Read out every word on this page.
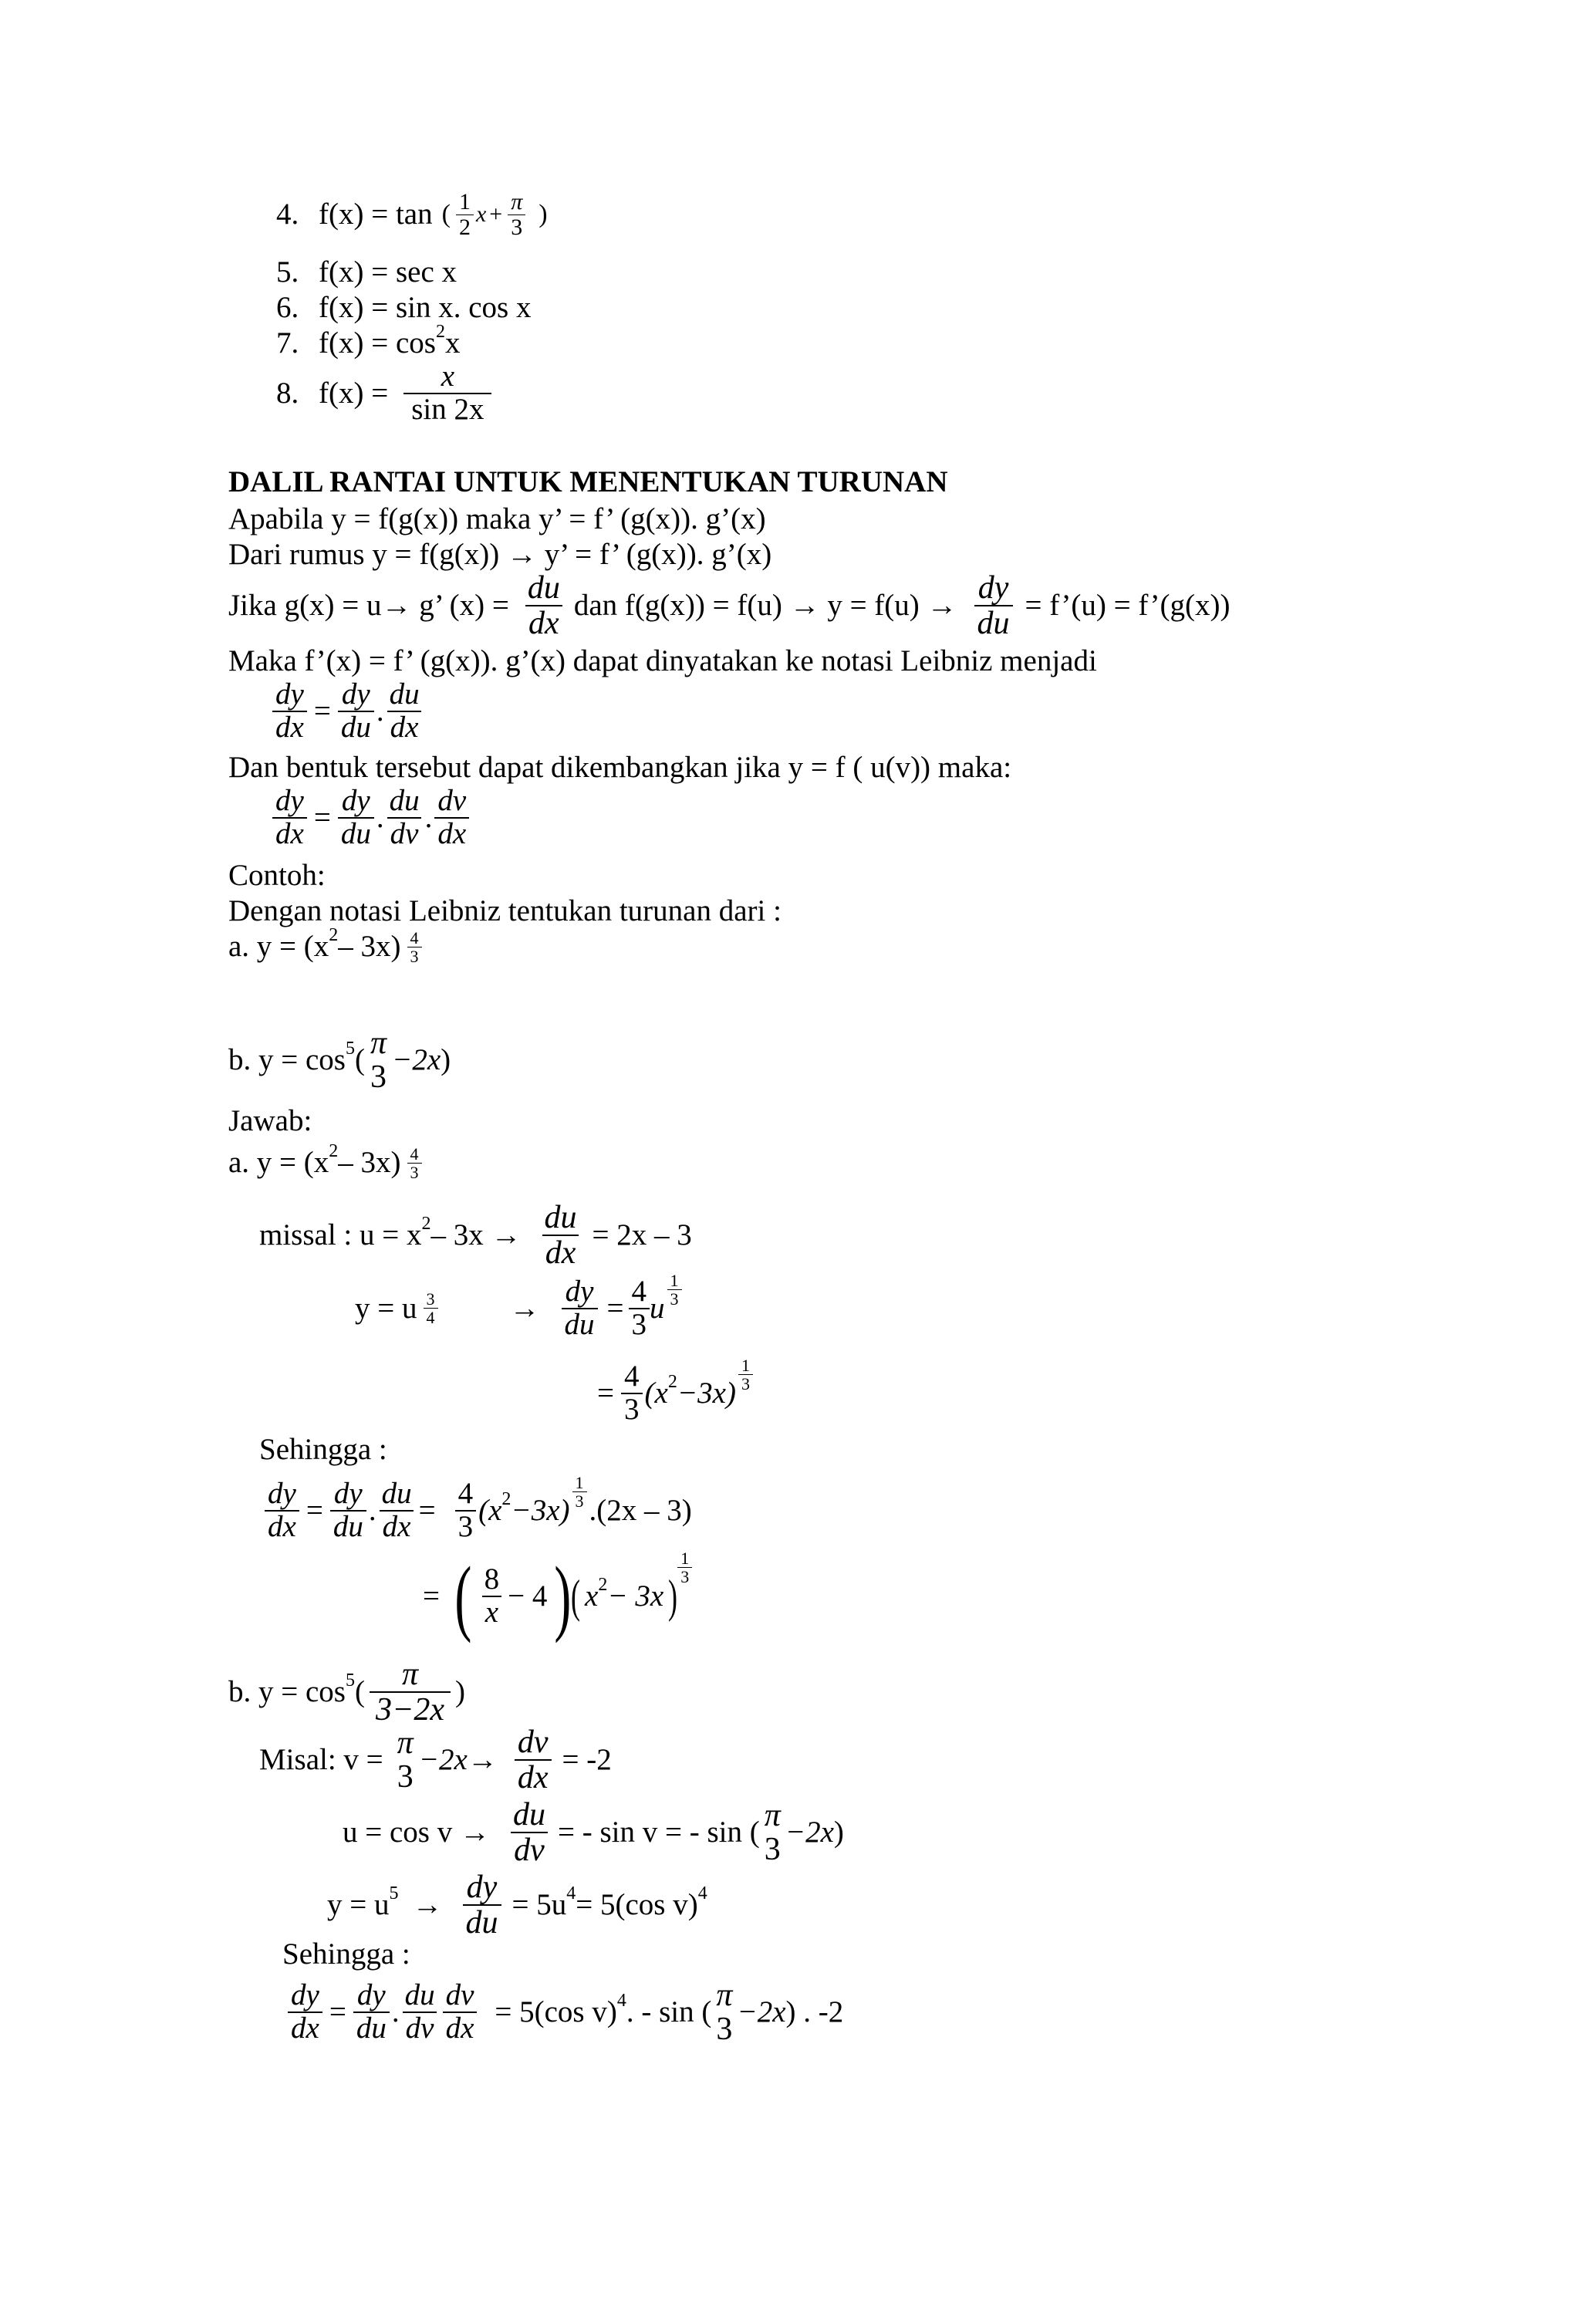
4. f(x) = tan ( 1
2 $x + \frac{\pi}{3}$ )
5. f(x) = sec x
6. f(x) = sin x. cos x
7. f(x) = cos 2 x
8. $f(x) = \frac{x}{\sin 2x}$
DALIL RANTAI UNTUK MENENTUKAN TURUNAN
Apabila y = f(g(x)) maka y’ = f’ (g(x)). g’(x)
Dari rumus y = f(g(x)) → y’ = f’ (g(x)). g’(x)
Jika g(x) = u→ g’ $(x) = \frac{du}{dx}$ dan $f(g(x)) = f(u) \to y = f(u) \to \frac{dy}{du}$ = f’(u) = f’(g(x))
Maka f’(x) = f’ (g(x)). g’(x) dapat dinyatakan ke notasi Leibniz menjadi
$\frac{dy}{dx} = \frac{dy}{du}$ .
du
dx
Dan bentuk tersebut dapat dikembangkan jika y = f ( u(v)) maka:
$\frac{dy}{dx} = \frac{dy}{du}$ .
du
dv .
dv
dx
Contoh:
Dengan notasi Leibniz tentukan turunan dari :
a. y = (x 2 – 3x) 4
3
b. y = cos 5 ( π
3 −2x )
Jawab:
a. y = (x 2 – 3x) 4
3
missal : u = x $2 - 3x \to \frac{du}{dx} = 2x - 3$
y = u 3
$4 \to \frac{dy}{du} = \frac{4}{3}$ u
1
3
= $\frac{4}{3}$ ( x 2 −3x)
1
3
Sehingga :
$\frac{dy}{dx} = \frac{dy}{du}$ . $\frac{du}{dx} = \frac{4}{3}$ ( x 2 −3x)
1
3 .(2x – 3)
= ( 8
x − 4 ) ( x 2 − 3x )
1
3
b. y = cos 5 ( π
3−2x
)
Misal: v = π
$3 -2x \to \frac{dv}{dx} = -2$
$u = \cos v \to \frac{du}{dv}$ = - sin v = - sin ( π
3 −2x )
y = u $5 \to \frac{dy}{du} = 5u$ 4 = 5(cos v) 4
Sehingga :
$\frac{dy}{dx} = \frac{dy}{du}$ .
du
dv $\frac{dv}{dx} = 5(\cos$ v) 4 . - sin ( π
3 −2x ) . -2
